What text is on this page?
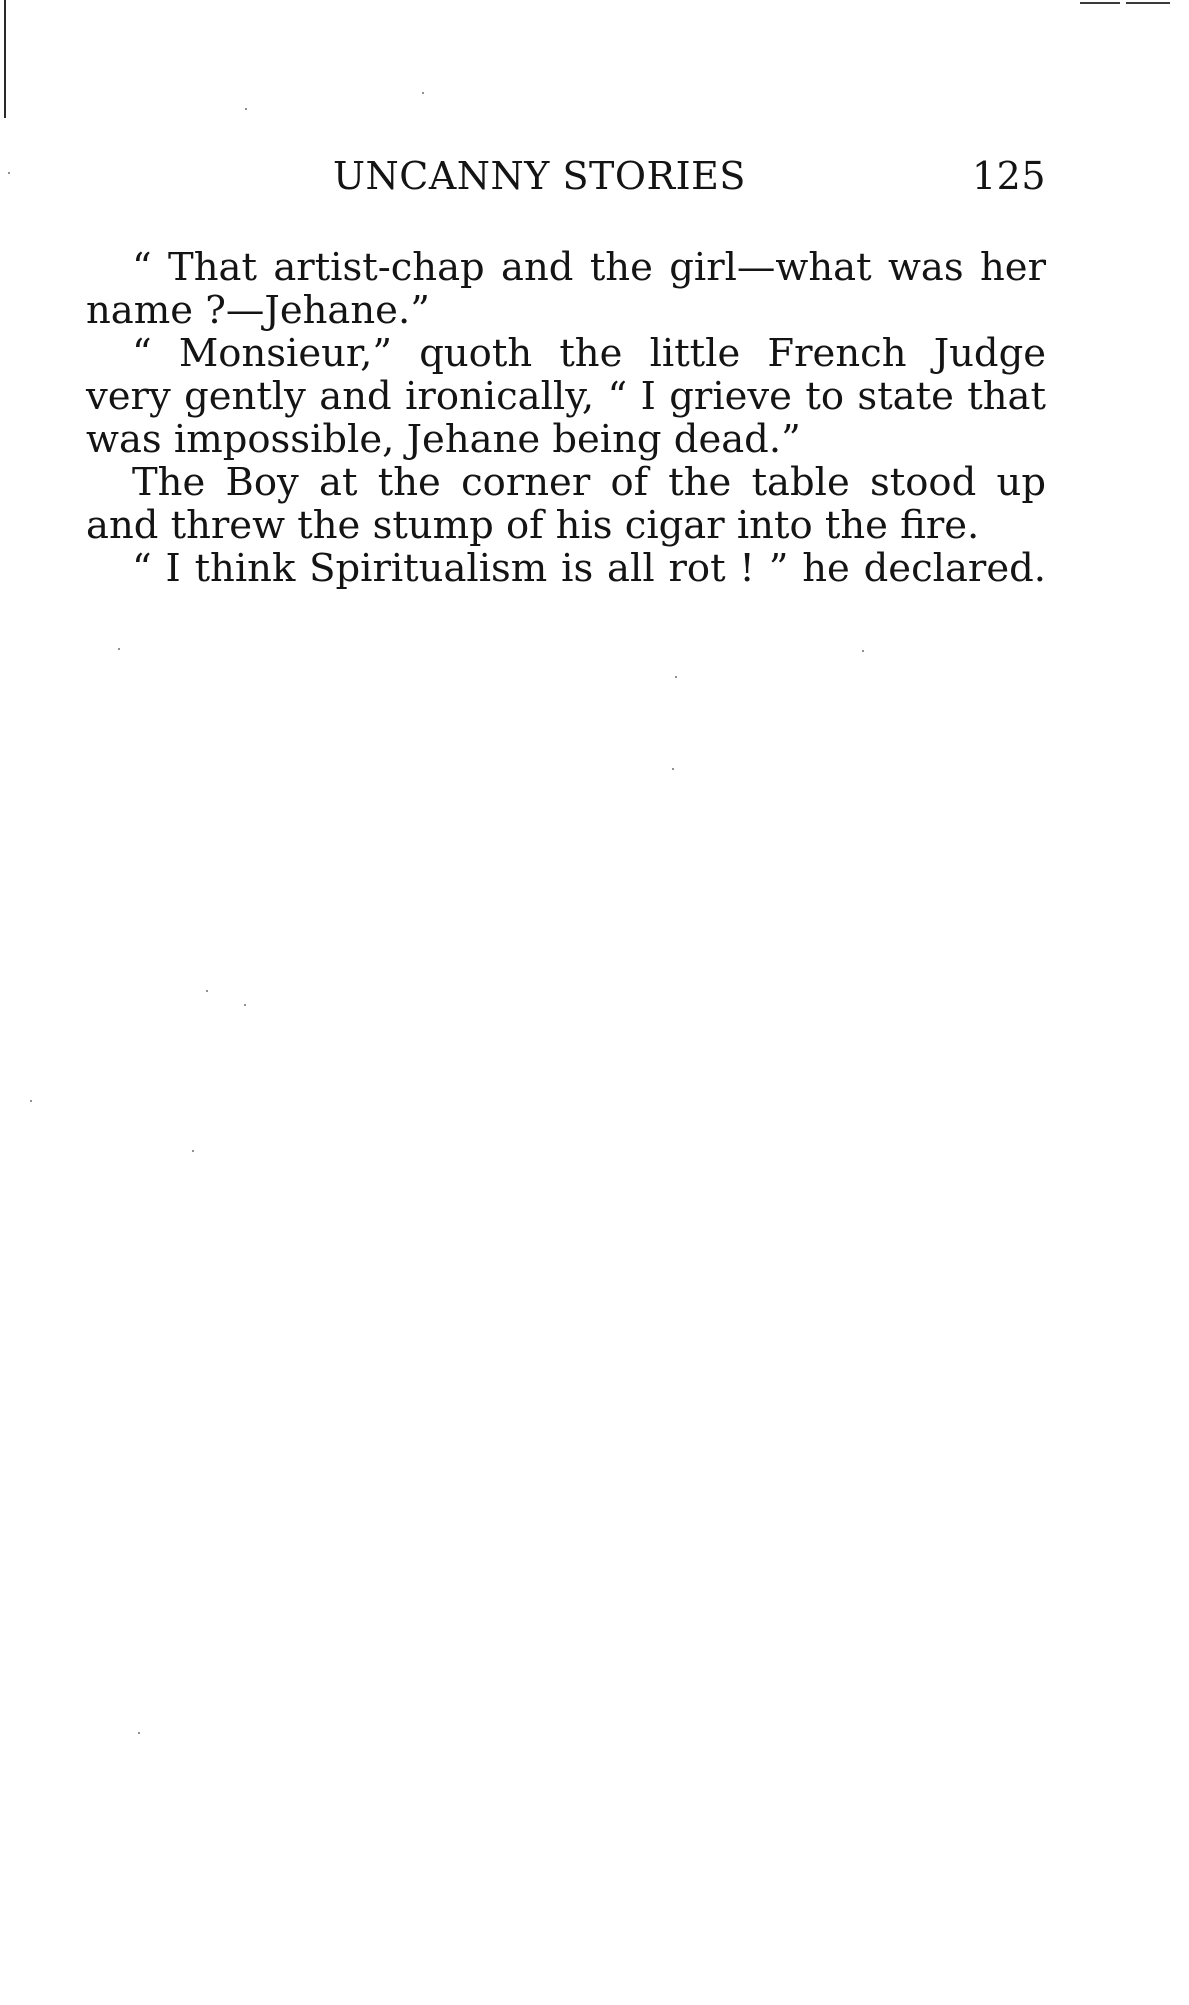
UNCANNY STORIES	125

“ That artist-chap and the girl—what was her name ?—Jehane.”

“ Monsieur,” quoth the little French Judge very gently and ironically, “ I grieve to state that was impossible, Jehane being dead.”

The Boy at the corner of the table stood up and threw the stump of his cigar into the fire.

“ I think Spiritualism is all rot ! ” he declared.
